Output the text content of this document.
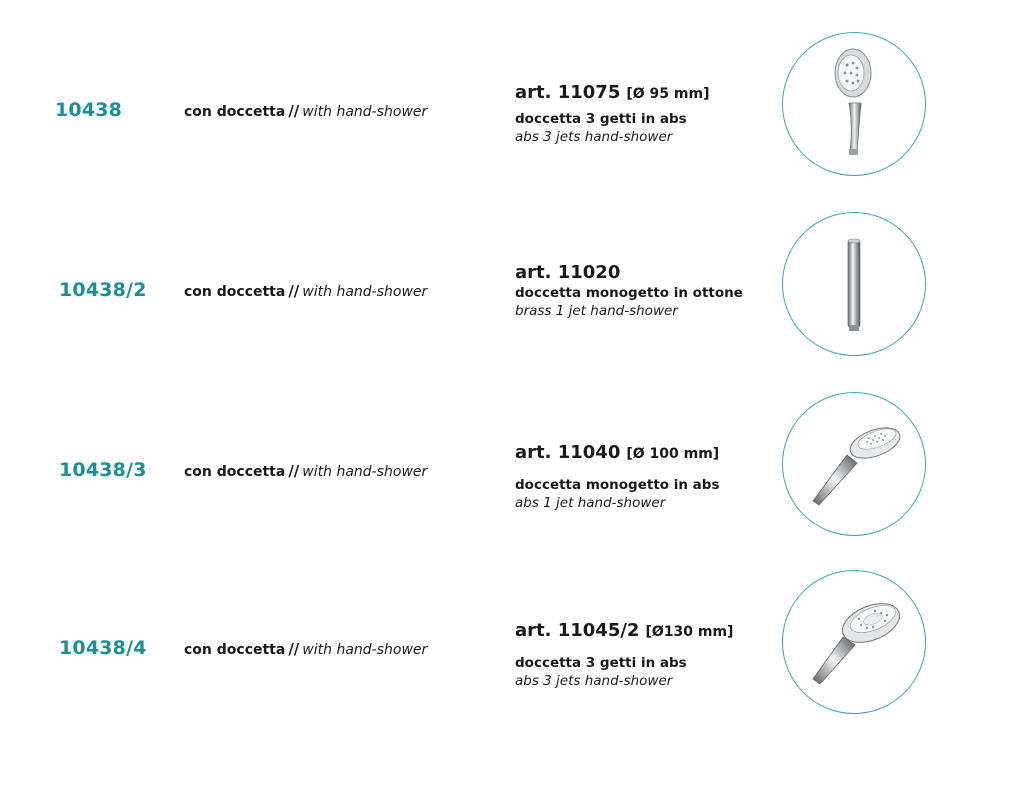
10438	con doccetta // with hand-shower
art. 11075 [Ø 95 mm]
doccetta 3 getti in abs
abs 3 jets hand-shower
10438/2	con doccetta // with hand-shower
art. 11020
doccetta monogetto in ottone
brass 1 jet hand-shower
10438/3	con doccetta // with hand-shower
art. 11040 [Ø 100 mm]
doccetta monogetto in abs
abs 1 jet hand-shower
10438/4	con doccetta // with hand-shower
art. 11045/2 [Ø130 mm]
doccetta 3 getti in abs
abs 3 jets hand-shower
